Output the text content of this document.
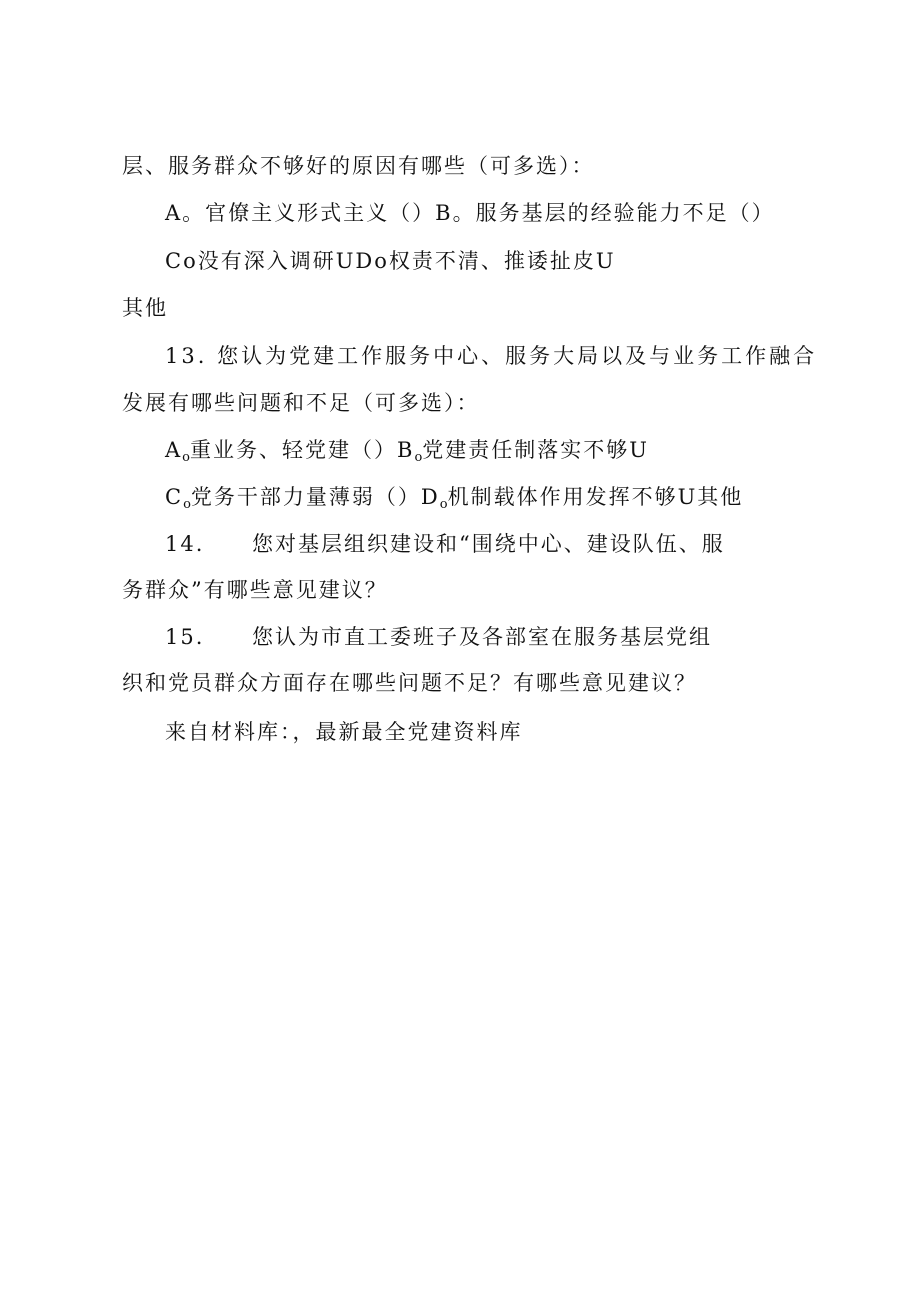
层、服务群众不够好的原因有哪些（可多选）：
A。官僚主义形式主义（）B。服务基层的经验能力不足（）
Co没有深入调研UDo权责不清、推诿扯皮U
其他
13. 您认为党建工作服务中心、服务大局以及与业务工作融合
发展有哪些问题和不足（可多选）：
$A_o$重业务、轻党建$()B_o$党建责任制落实不够U
$C_o$党务干部力量薄弱$()D_o$机制载体作用发挥不够U其他
14. 您对基层组织建设和“围绕中心、建设队伍、服
务群众”有哪些意见建议？
15. 您认为市直工委班子及各部室在服务基层党组
织和党员群众方面存在哪些问题不足？有哪些意见建议？
来自材料库：，最新最全党建资料库
